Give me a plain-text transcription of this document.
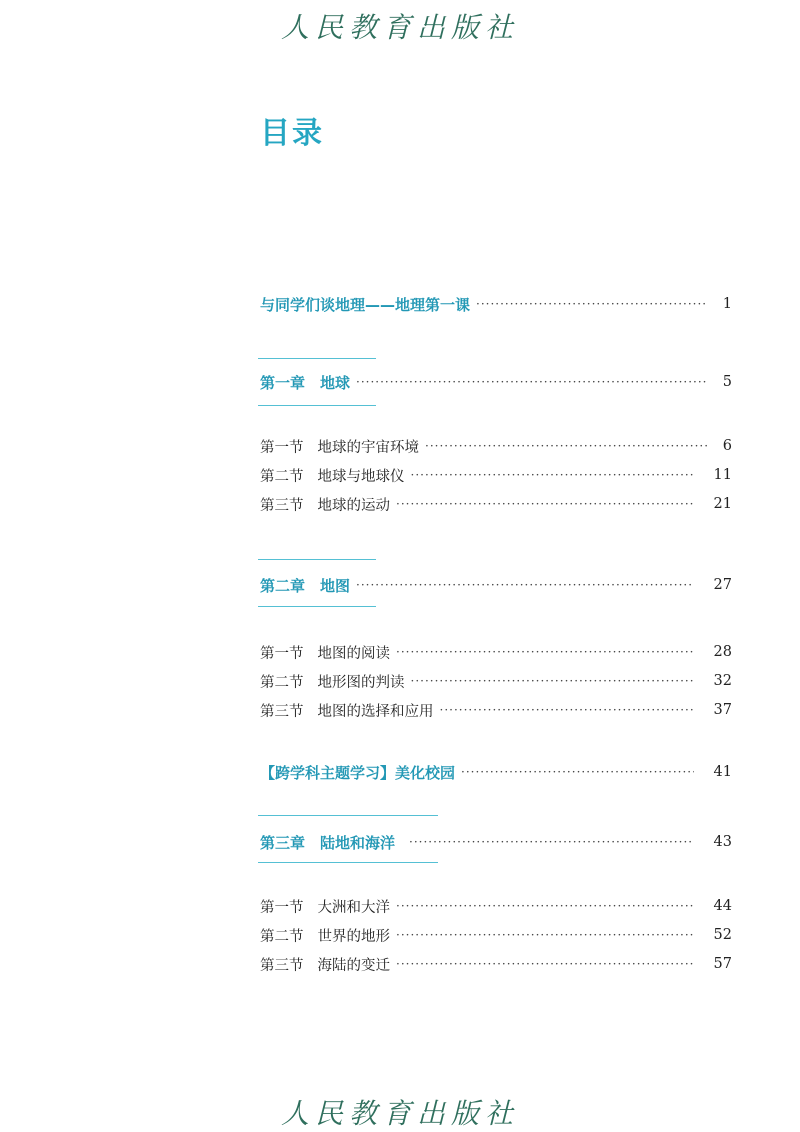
人民教育出版社
目录
与同学们谈地理——地理第一课 ·····	1
第一章　地球 ·····	5
第一节 地球的宇宙环境 ·····	6
第二节 地球与地球仪 ·····	11
第三节 地球的运动 ·····	21
第二章　地图 ·····	27
第一节 地图的阅读 ·····	28
第二节 地形图的判读 ·····	32
第三节 地图的选择和应用 ·····	37
【跨学科主题学习】美化校园 ·····	41
第三章　陆地和海洋 ·····	43
第一节 大洲和大洋 ·····	44
第二节 世界的地形 ·····	52
第三节 海陆的变迁 ·····	57
人民教育出版社
